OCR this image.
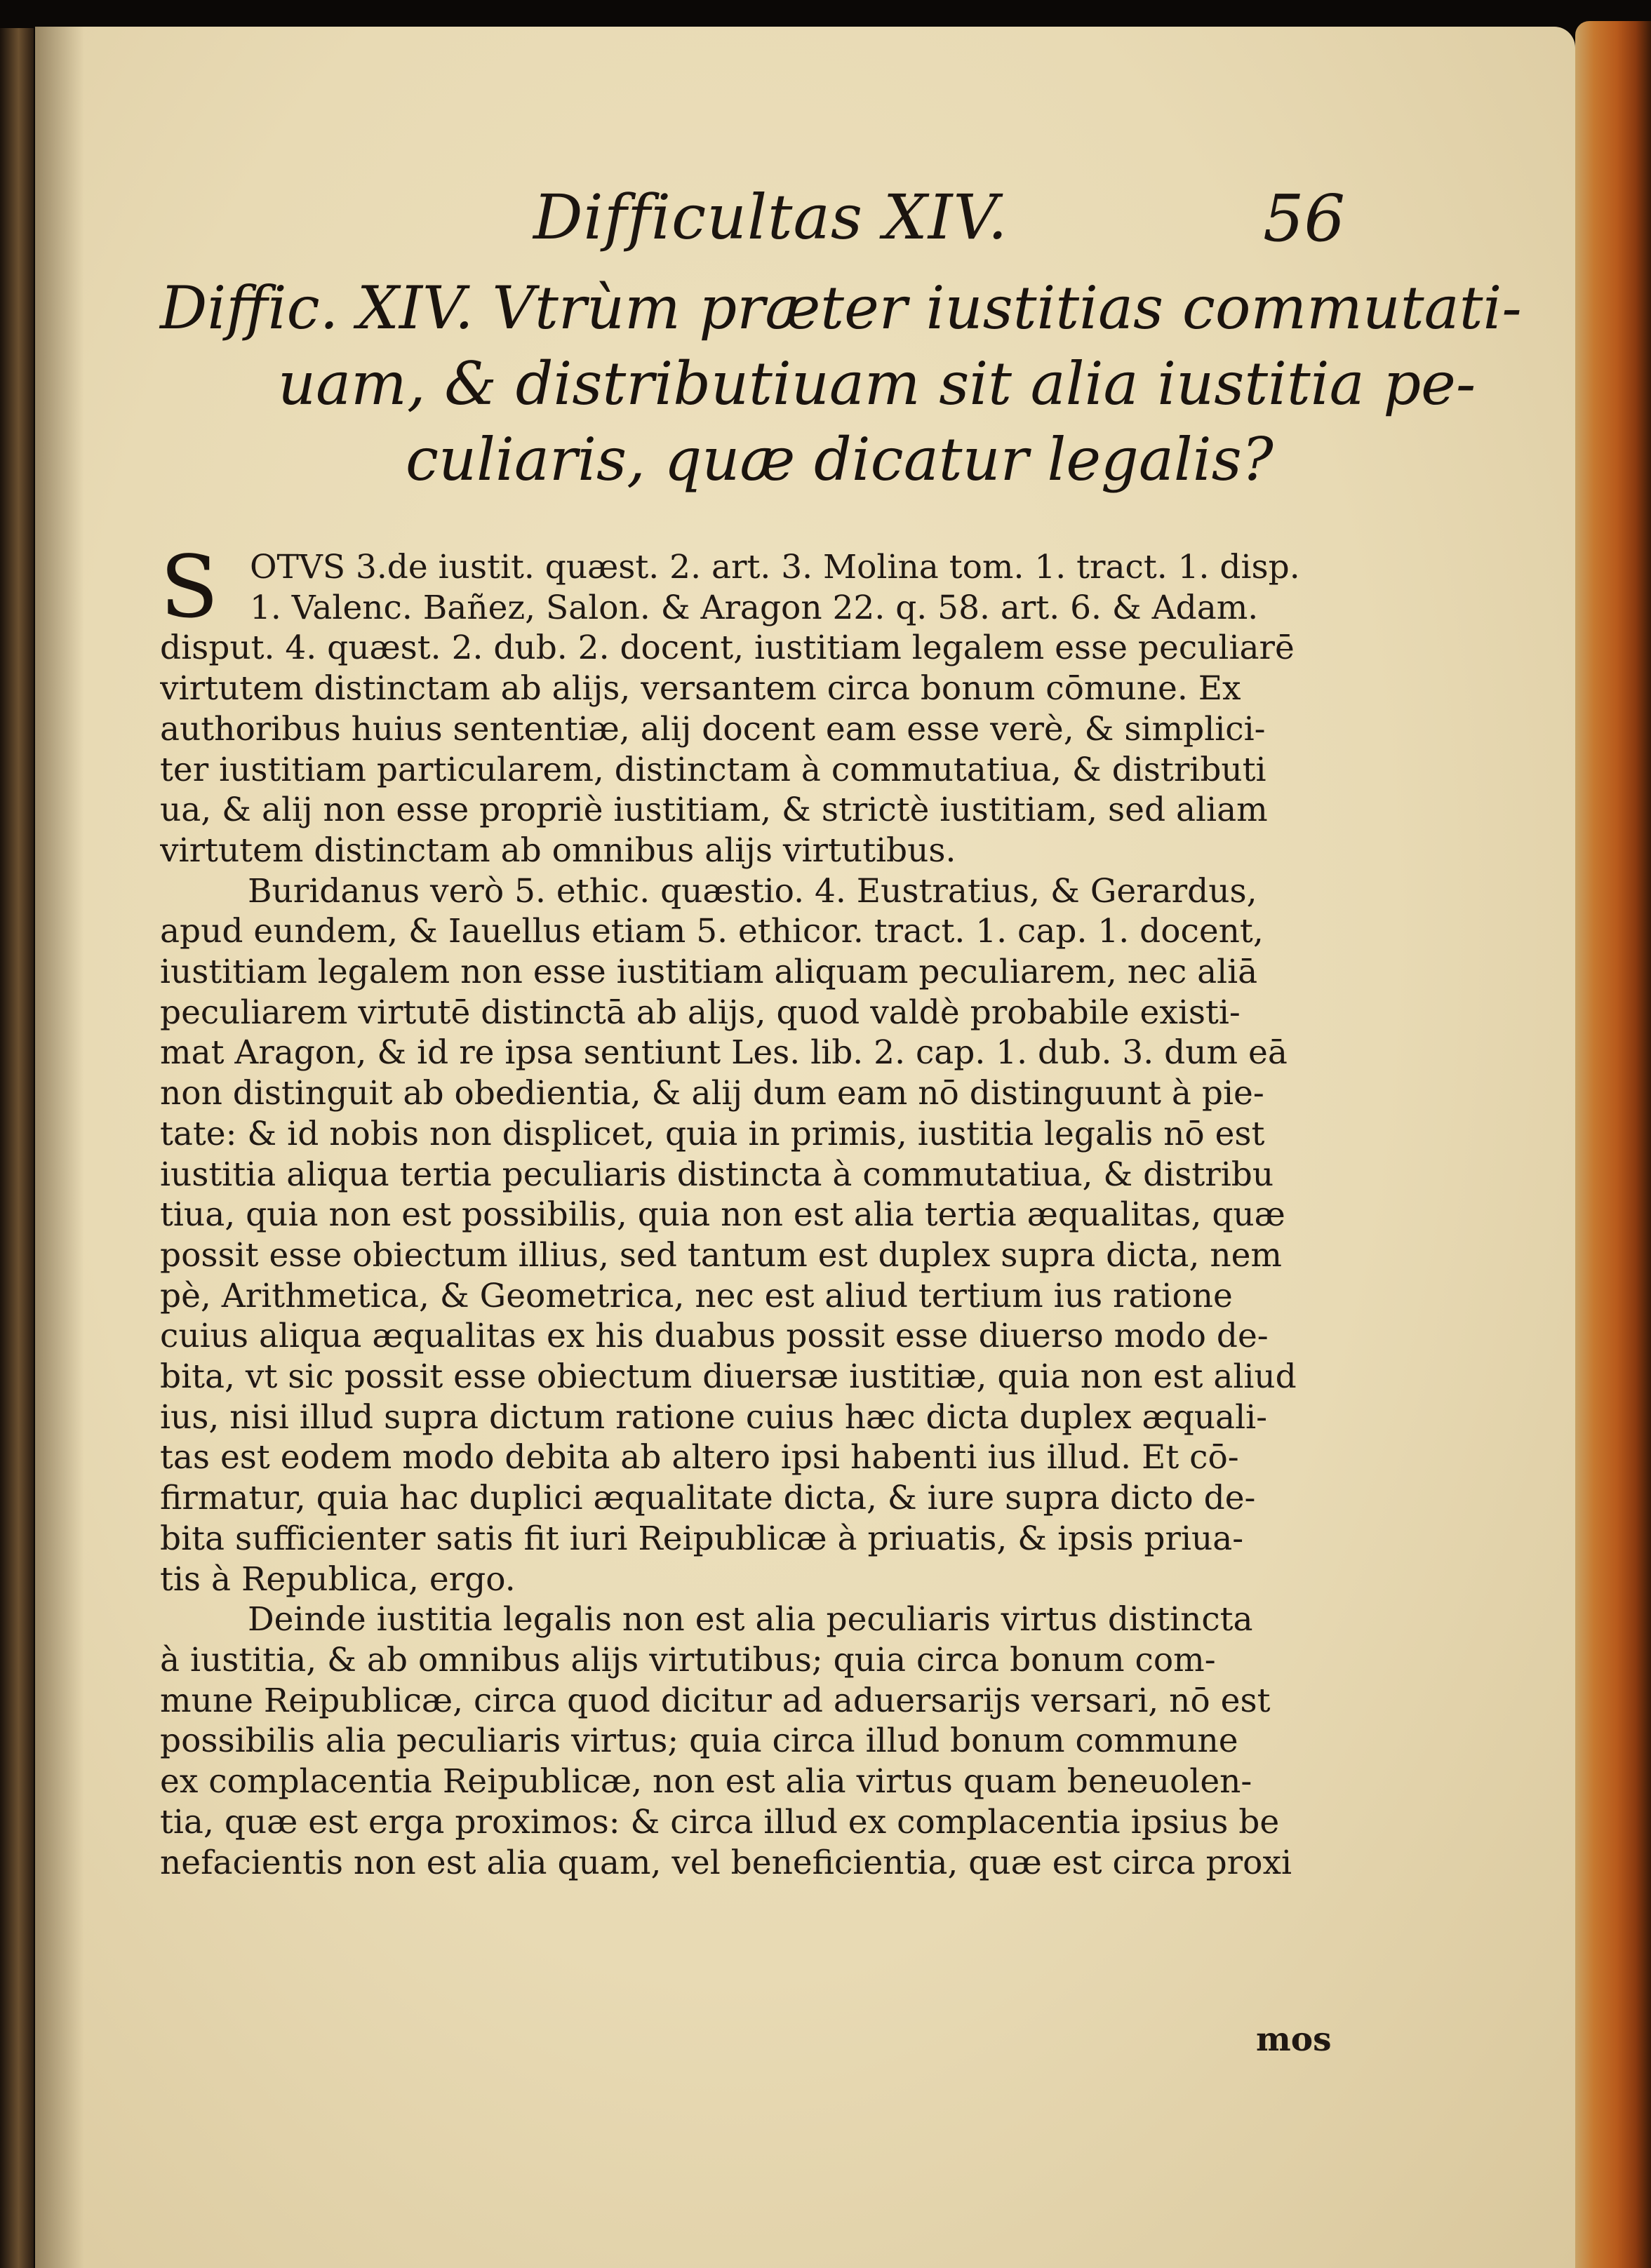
Difficultas XIV.	56
Diffic. XIV. Vtrùm præter iustitias commutati-
uam, & distributiuam sit alia iustitia pe-
culiaris, quæ dicatur legalis?
S OTVS 3.de iustit. quæst. 2. art. 3. Molina tom. 1. tract. 1. disp.
1. Valenc. Bañez, Salon. & Aragon 22. q. 58. art. 6. & Adam.
disput. 4. quæst. 2. dub. 2. docent, iustitiam legalem esse peculiarē
virtutem distinctam ab alijs, versantem circa bonum cōmune. Ex
authoribus huius sententiæ, alij docent eam esse verè, & simplici-
ter iustitiam particularem, distinctam à commutatiua, & distributi
ua, & alij non esse propriè iustitiam, & strictè iustitiam, sed aliam
virtutem distinctam ab omnibus alijs virtutibus.
Buridanus verò 5. ethic. quæstio. 4. Eustratius, & Gerardus,
apud eundem, & Iauellus etiam 5. ethicor. tract. 1. cap. 1. docent,
iustitiam legalem non esse iustitiam aliquam peculiarem, nec aliā
peculiarem virtutē distinctā ab alijs, quod valdè probabile existi-
mat Aragon, & id re ipsa sentiunt Les. lib. 2. cap. 1. dub. 3. dum eā
non distinguit ab obedientia, & alij dum eam nō distinguunt à pie-
tate: & id nobis non displicet, quia in primis, iustitia legalis nō est
iustitia aliqua tertia peculiaris distincta à commutatiua, & distribu
tiua, quia non est possibilis, quia non est alia tertia æqualitas, quæ
possit esse obiectum illius, sed tantum est duplex supra dicta, nem
pè, Arithmetica, & Geometrica, nec est aliud tertium ius ratione
cuius aliqua æqualitas ex his duabus possit esse diuerso modo de-
bita, vt sic possit esse obiectum diuersæ iustitiæ, quia non est aliud
ius, nisi illud supra dictum ratione cuius hæc dicta duplex æquali-
tas est eodem modo debita ab altero ipsi habenti ius illud. Et cō-
firmatur, quia hac duplici æqualitate dicta, & iure supra dicto de-
bita sufficienter satis fit iuri Reipublicæ à priuatis, & ipsis priua-
tis à Republica, ergo.
Deinde iustitia legalis non est alia peculiaris virtus distincta
à iustitia, & ab omnibus alijs virtutibus; quia circa bonum com-
mune Reipublicæ, circa quod dicitur ad aduersarijs versari, nō est
possibilis alia peculiaris virtus; quia circa illud bonum commune
ex complacentia Reipublicæ, non est alia virtus quam beneuolen-
tia, quæ est erga proximos: & circa illud ex complacentia ipsius be
nefacientis non est alia quam, vel beneficientia, quæ est circa proxi
mos
